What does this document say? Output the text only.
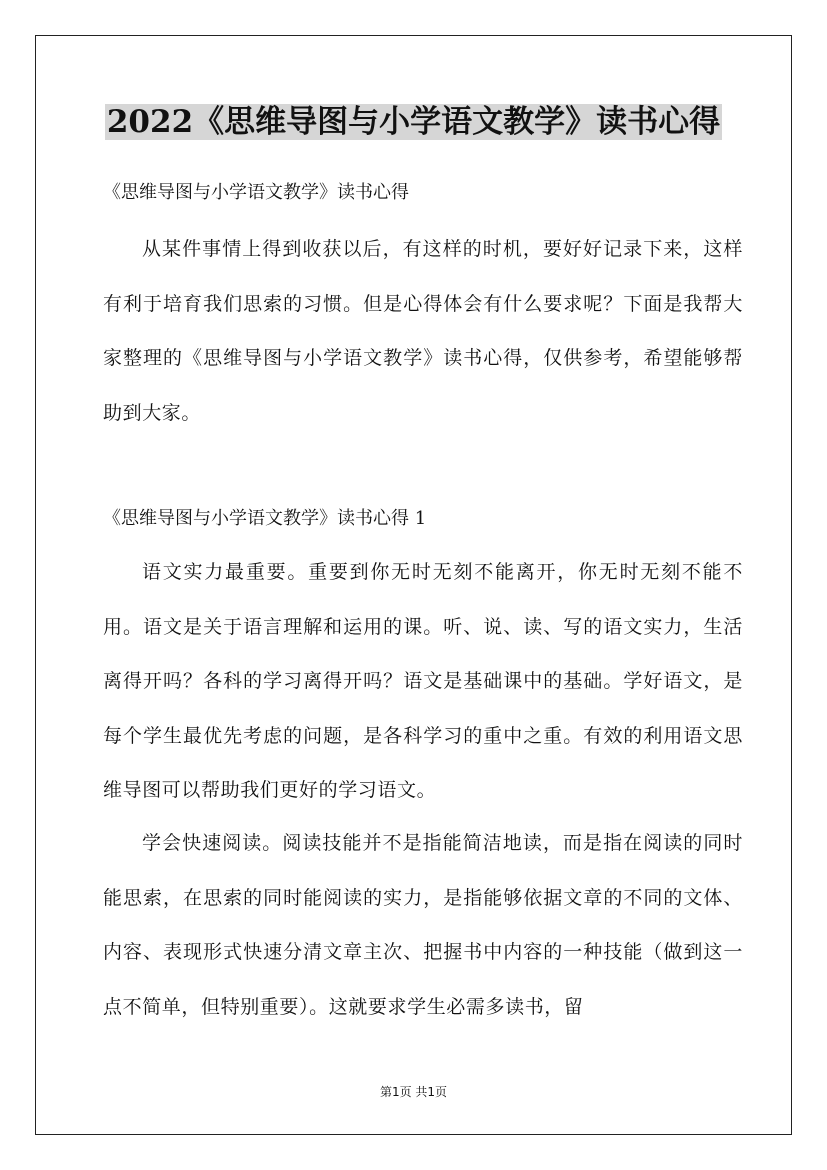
2022《思维导图与小学语文教学》读书心得
《思维导图与小学语文教学》读书心得
从某件事情上得到收获以后，有这样的时机，要好好记录下来，这样有利于培育我们思索的习惯。但是心得体会有什么要求呢？下面是我帮大家整理的《思维导图与小学语文教学》读书心得，仅供参考，希望能够帮助到大家。
《思维导图与小学语文教学》读书心得 1
语文实力最重要。重要到你无时无刻不能离开，你无时无刻不能不用。语文是关于语言理解和运用的课。听、说、读、写的语文实力，生活离得开吗？各科的学习离得开吗？语文是基础课中的基础。学好语文，是每个学生最优先考虑的问题，是各科学习的重中之重。有效的利用语文思维导图可以帮助我们更好的学习语文。
学会快速阅读。阅读技能并不是指能简洁地读，而是指在阅读的同时能思索，在思索的同时能阅读的实力，是指能够依据文章的不同的文体、内容、表现形式快速分清文章主次、把握书中内容的一种技能（做到这一点不简单，但特别重要）。这就要求学生必需多读书，留
第1页 共1页
